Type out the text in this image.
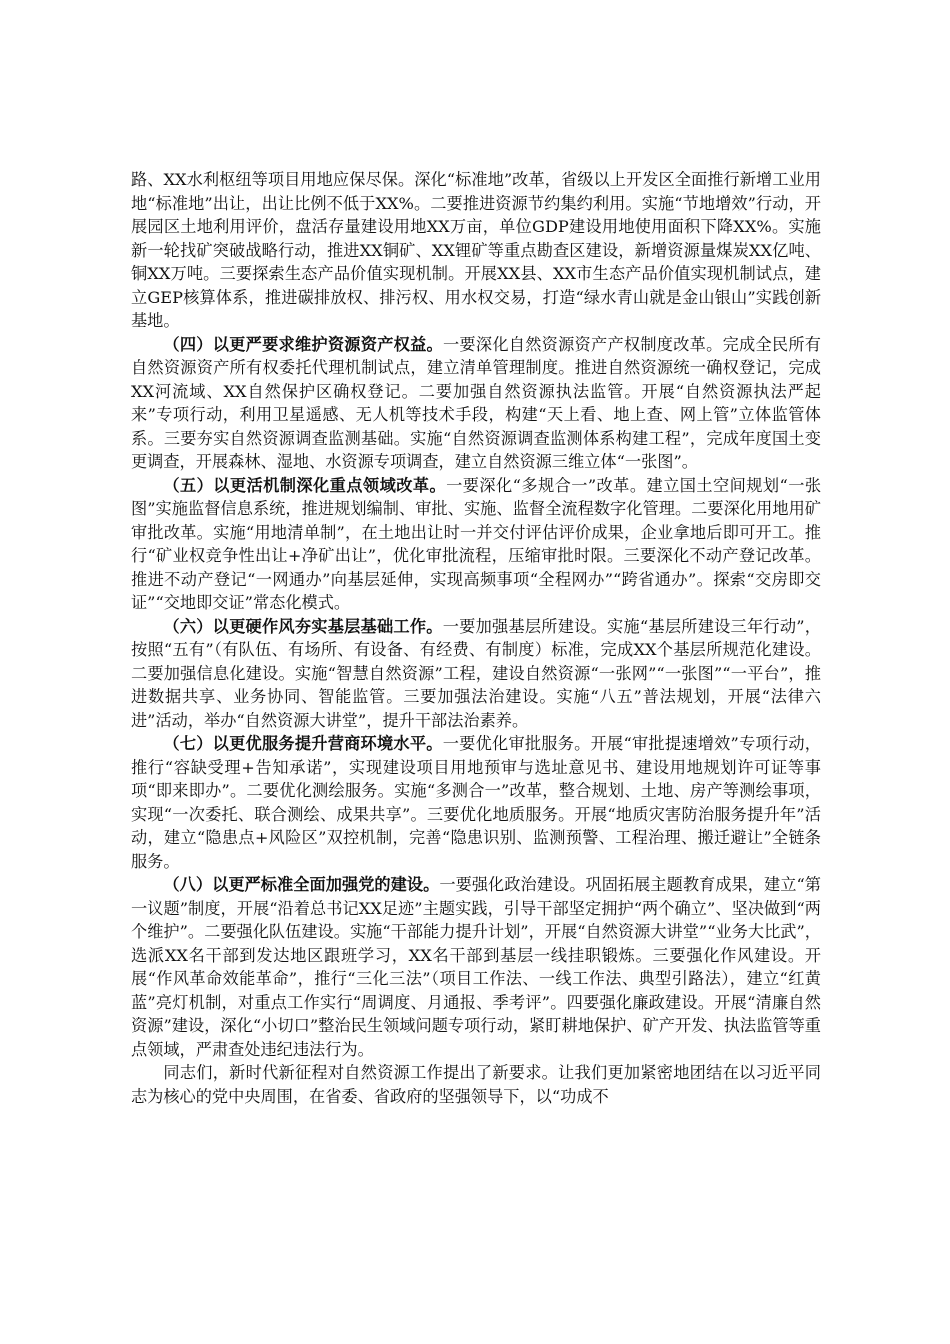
路、XX水利枢纽等项目用地应保尽保。深化“标准地”改革，省级以上开发区全面推行新增工业用地“标准地”出让，出让比例不低于XX%。二要推进资源节约集约利用。实施“节地增效”行动，开展园区土地利用评价，盘活存量建设用地XX万亩，单位GDP建设用地使用面积下降XX%。实施新一轮找矿突破战略行动，推进XX铜矿、XX锂矿等重点勘查区建设，新增资源量煤炭XX亿吨、铜XX万吨。三要探索生态产品价值实现机制。开展XX县、XX市生态产品价值实现机制试点，建立GEP核算体系，推进碳排放权、排污权、用水权交易，打造“绿水青山就是金山银山”实践创新基地。

（四）以更严要求维护资源资产权益。一要深化自然资源资产产权制度改革。完成全民所有自然资源资产所有权委托代理机制试点，建立清单管理制度。推进自然资源统一确权登记，完成XX河流域、XX自然保护区确权登记。二要加强自然资源执法监管。开展“自然资源执法严起来”专项行动，利用卫星遥感、无人机等技术手段，构建“天上看、地上查、网上管”立体监管体系。三要夯实自然资源调查监测基础。实施“自然资源调查监测体系构建工程”，完成年度国土变更调查，开展森林、湿地、水资源专项调查，建立自然资源三维立体“一张图”。

（五）以更活机制深化重点领域改革。一要深化“多规合一”改革。建立国土空间规划“一张图”实施监督信息系统，推进规划编制、审批、实施、监督全流程数字化管理。二要深化用地用矿审批改革。实施“用地清单制”，在土地出让时一并交付评估评价成果，企业拿地后即可开工。推行“矿业权竞争性出让+净矿出让”，优化审批流程，压缩审批时限。三要深化不动产登记改革。推进不动产登记“一网通办”向基层延伸，实现高频事项“全程网办”“跨省通办”。探索“交房即交证”“交地即交证”常态化模式。

（六）以更硬作风夯实基层基础工作。一要加强基层所建设。实施“基层所建设三年行动”，按照“五有”（有队伍、有场所、有设备、有经费、有制度）标准，完成XX个基层所规范化建设。二要加强信息化建设。实施“智慧自然资源”工程，建设自然资源“一张网”“一张图”“一平台”，推进数据共享、业务协同、智能监管。三要加强法治建设。实施“八五”普法规划，开展“法律六进”活动，举办“自然资源大讲堂”，提升干部法治素养。

（七）以更优服务提升营商环境水平。一要优化审批服务。开展“审批提速增效”专项行动，推行“容缺受理+告知承诺”，实现建设项目用地预审与选址意见书、建设用地规划许可证等事项“即来即办”。二要优化测绘服务。实施“多测合一”改革，整合规划、土地、房产等测绘事项，实现“一次委托、联合测绘、成果共享”。三要优化地质服务。开展“地质灾害防治服务提升年”活动，建立“隐患点+风险区”双控机制，完善“隐患识别、监测预警、工程治理、搬迁避让”全链条服务。

（八）以更严标准全面加强党的建设。一要强化政治建设。巩固拓展主题教育成果，建立“第一议题”制度，开展“沿着总书记XX足迹”主题实践，引导干部坚定拥护“两个确立”、坚决做到“两个维护”。二要强化队伍建设。实施“干部能力提升计划”，开展“自然资源大讲堂”“业务大比武”，选派XX名干部到发达地区跟班学习，XX名干部到基层一线挂职锻炼。三要强化作风建设。开展“作风革命效能革命”，推行“三化三法”（项目工作法、一线工作法、典型引路法），建立“红黄蓝”亮灯机制，对重点工作实行“周调度、月通报、季考评”。四要强化廉政建设。开展“清廉自然资源”建设，深化“小切口”整治民生领域问题专项行动，紧盯耕地保护、矿产开发、执法监管等重点领域，严肃查处违纪违法行为。

同志们，新时代新征程对自然资源工作提出了新要求。让我们更加紧密地团结在以习近平同志为核心的党中央周围，在省委、省政府的坚强领导下，以“功成不
